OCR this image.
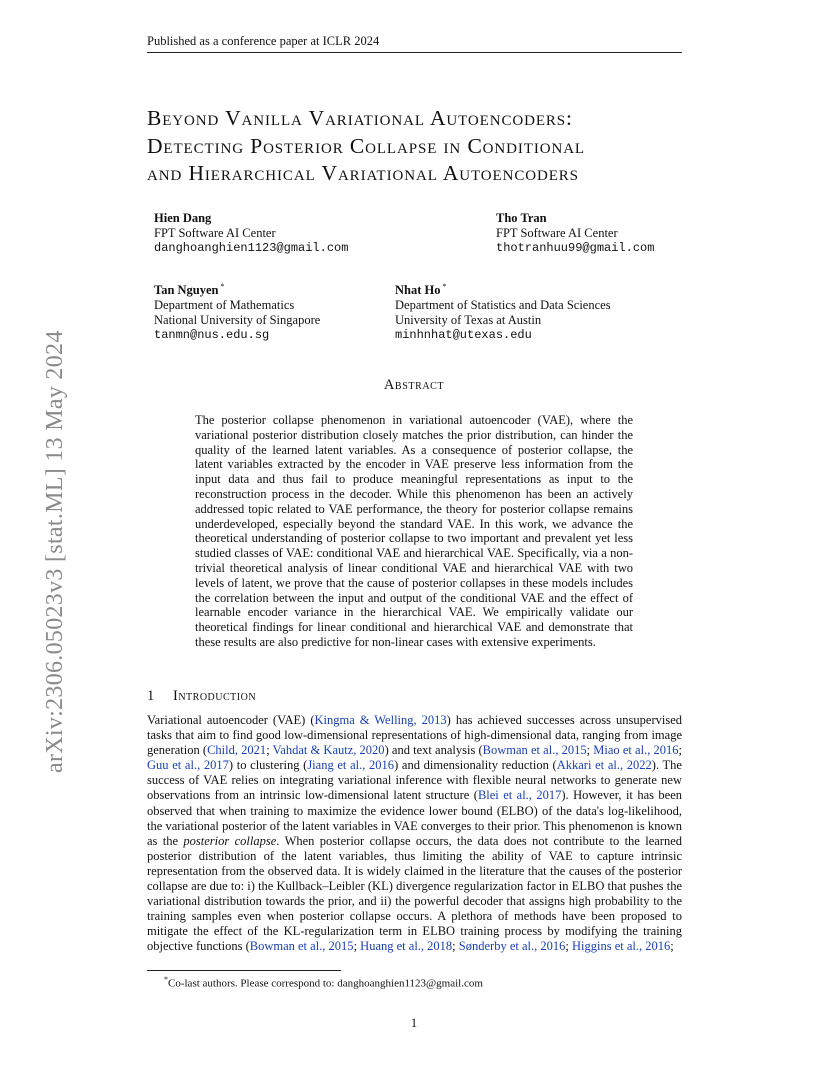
Published as a conference paper at ICLR 2024
arXiv:2306.05023v3 [stat.ML] 13 May 2024
Beyond Vanilla Variational Autoencoders:
Detecting Posterior Collapse in Conditional
and Hierarchical Variational Autoencoders
Hien Dang
FPT Software AI Center
danghoanghien1123@gmail.com
Tho Tran
FPT Software AI Center
thotranhuu99@gmail.com
Tan Nguyen *
Department of Mathematics
National University of Singapore
tanmn@nus.edu.sg
Nhat Ho *
Department of Statistics and Data Sciences
University of Texas at Austin
minhnhat@utexas.edu
Abstract
The posterior collapse phenomenon in variational autoencoder (VAE), where the variational posterior distribution closely matches the prior distribution, can hinder the quality of the learned latent variables. As a consequence of posterior collapse, the latent variables extracted by the encoder in VAE preserve less information from the input data and thus fail to produce meaningful representations as input to the reconstruction process in the decoder. While this phenomenon has been an actively addressed topic related to VAE performance, the theory for posterior collapse remains underdeveloped, especially beyond the standard VAE. In this work, we advance the theoretical understanding of posterior collapse to two important and prevalent yet less studied classes of VAE: conditional VAE and hierarchical VAE. Specifically, via a non-trivial theoretical analysis of linear conditional VAE and hierarchical VAE with two levels of latent, we prove that the cause of posterior collapses in these models includes the correlation between the input and output of the conditional VAE and the effect of learnable encoder variance in the hierarchical VAE. We empirically validate our theoretical findings for linear conditional and hierarchical VAE and demonstrate that these results are also predictive for non-linear cases with extensive experiments.
1 Introduction
Variational autoencoder (VAE) (Kingma & Welling, 2013) has achieved successes across unsupervised tasks that aim to find good low-dimensional representations of high-dimensional data, ranging from image generation (Child, 2021; Vahdat & Kautz, 2020) and text analysis (Bowman et al., 2015; Miao et al., 2016; Guu et al., 2017) to clustering (Jiang et al., 2016) and dimensionality reduction (Akkari et al., 2022). The success of VAE relies on integrating variational inference with flexible neural networks to generate new observations from an intrinsic low-dimensional latent structure (Blei et al., 2017). However, it has been observed that when training to maximize the evidence lower bound (ELBO) of the data's log-likelihood, the variational posterior of the latent variables in VAE converges to their prior. This phenomenon is known as the posterior collapse. When posterior collapse occurs, the data does not contribute to the learned posterior distribution of the latent variables, thus limiting the ability of VAE to capture intrinsic representation from the observed data. It is widely claimed in the literature that the causes of the posterior collapse are due to: i) the Kullback–Leibler (KL) divergence regularization factor in ELBO that pushes the variational distribution towards the prior, and ii) the powerful decoder that assigns high probability to the training samples even when posterior collapse occurs. A plethora of methods have been proposed to mitigate the effect of the KL-regularization term in ELBO training process by modifying the training objective functions (Bowman et al., 2015; Huang et al., 2018; Sønderby et al., 2016; Higgins et al., 2016;
*Co-last authors. Please correspond to: danghoanghien1123@gmail.com
1
